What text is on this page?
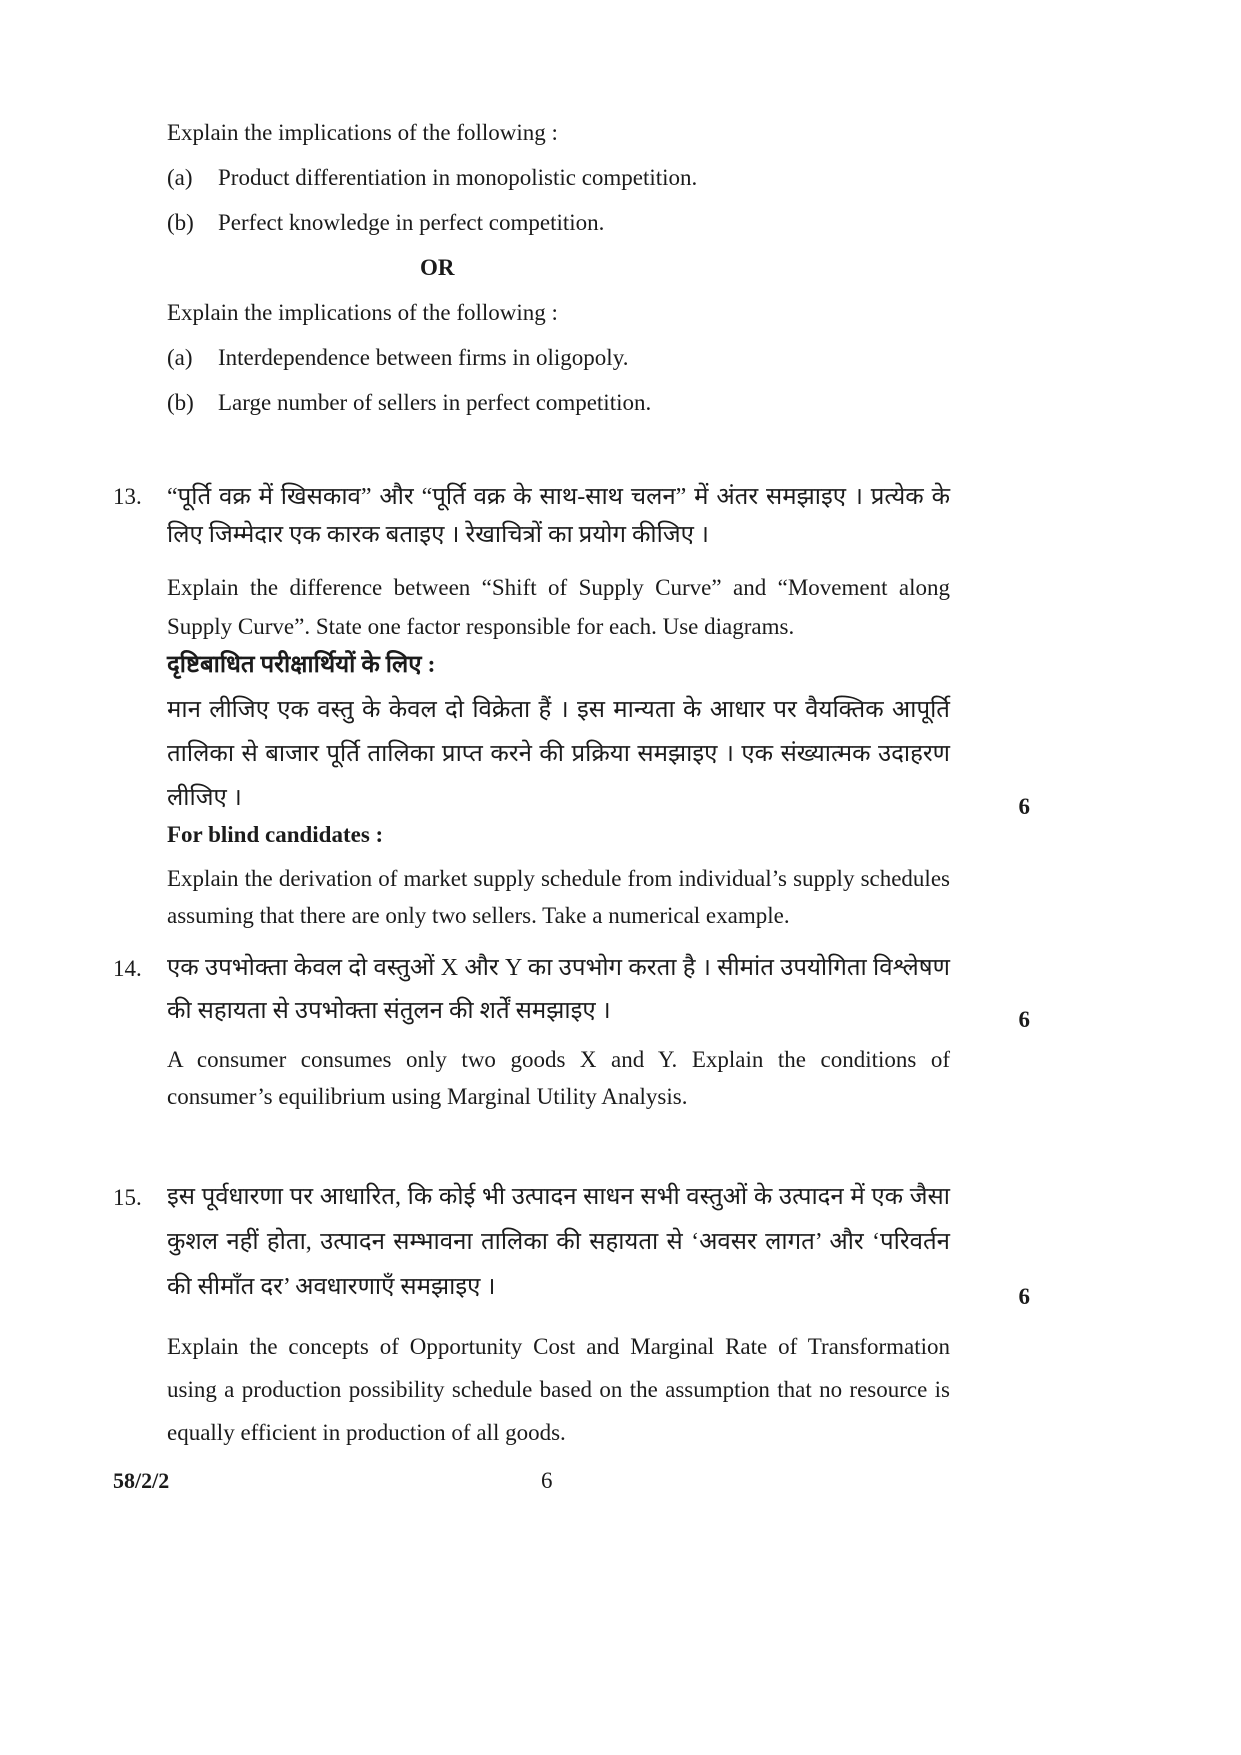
Explain the implications of the following :
(a)	Product differentiation in monopolistic competition.
(b)	Perfect knowledge in perfect competition.
OR
Explain the implications of the following :
(a)	Interdependence between firms in oligopoly.
(b)	Large number of sellers in perfect competition.
13.	“पूर्ति वक्र में खिसकाव” और “पूर्ति वक्र के साथ-साथ चलन” में अंतर समझाइए । प्रत्येक के लिए जिम्मेदार एक कारक बताइए । रेखाचित्रों का प्रयोग कीजिए ।

Explain the difference between “Shift of Supply Curve” and “Movement along Supply Curve”. State one factor responsible for each. Use diagrams.

दृष्टिबाधित परीक्षार्थियों के लिए :

मान लीजिए एक वस्तु के केवल दो विक्रेता हैं । इस मान्यता के आधार पर वैयक्तिक आपूर्ति तालिका से बाजार पूर्ति तालिका प्राप्त करने की प्रक्रिया समझाइए । एक संख्यात्मक उदाहरण लीजिए ।	6
For blind candidates :

Explain the derivation of market supply schedule from individual’s supply schedules assuming that there are only two sellers. Take a numerical example.

14.	एक उपभोक्ता केवल दो वस्तुओं X और Y का उपभोग करता है । सीमांत उपयोगिता विश्लेषण की सहायता से उपभोक्ता संतुलन की शर्तें समझाइए ।	6

A consumer consumes only two goods X and Y. Explain the conditions of consumer’s equilibrium using Marginal Utility Analysis.

15.	इस पूर्वधारणा पर आधारित, कि कोई भी उत्पादन साधन सभी वस्तुओं के उत्पादन में एक जैसा कुशल नहीं होता, उत्पादन सम्भावना तालिका की सहायता से ‘अवसर लागत’ और ‘परिवर्तन की सीमाँत दर’ अवधारणाएँ समझाइए ।	6

Explain the concepts of Opportunity Cost and Marginal Rate of Transformation using a production possibility schedule based on the assumption that no resource is equally efficient in production of all goods.

58/2/2	6
